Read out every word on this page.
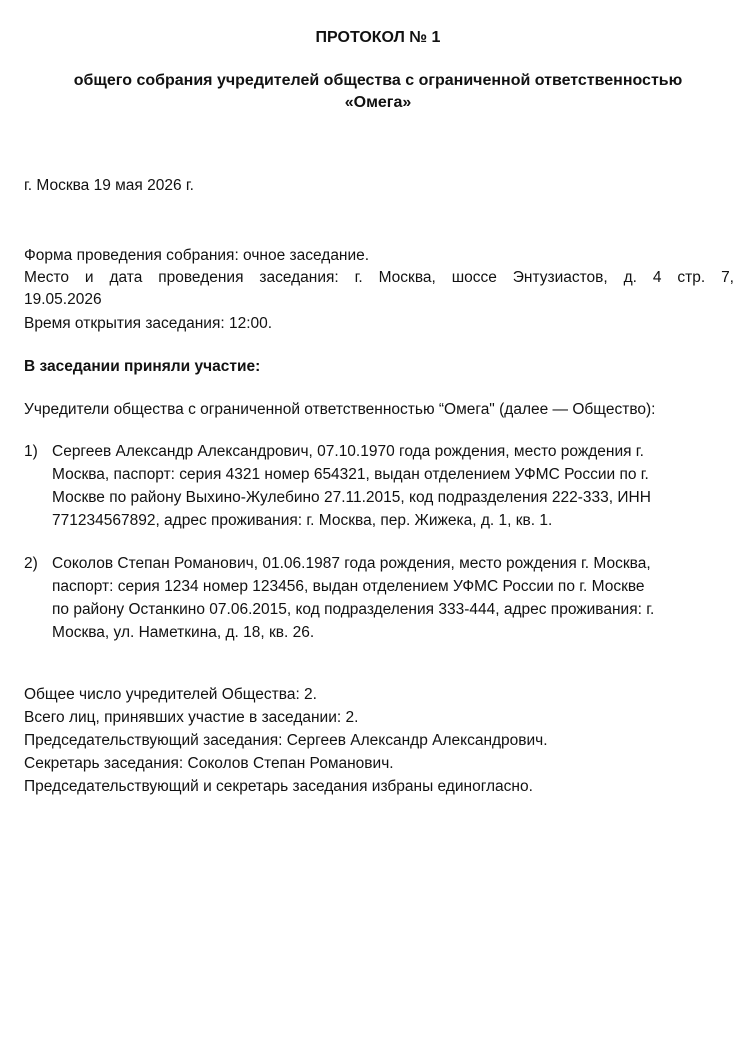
ПРОТОКОЛ № 1

общего собрания учредителей общества с ограниченной ответственностью

«Омега»

г. Москва 19 мая 2026 г.

Форма проведения собрания: очное заседание.

Место и дата проведения заседания: г. Москва, шоссе Энтузиастов, д. 4 стр. 7,

19.05.2026

Время открытия заседания: 12:00.

В заседании приняли участие:

Учредители общества с ограниченной ответственностью “Омега" (далее — Общество):

1) Сергеев Александр Александрович, 07.10.1970 года рождения, место рождения г.
Москва, паспорт: серия 4321 номер 654321, выдан отделением УФМС России по г.
Москве по району Выхино-Жулебино 27.11.2015, код подразделения 222-333, ИНН
771234567892, адрес проживания: г. Москва, пер. Жижека, д. 1, кв. 1.
2) Соколов Степан Романович, 01.06.1987 года рождения, место рождения г. Москва,
паспорт: серия 1234 номер 123456, выдан отделением УФМС России по г. Москве
по району Останкино 07.06.2015, код подразделения 333-444, адрес проживания: г.
Москва, ул. Наметкина, д. 18, кв. 26.

Общее число учредителей Общества: 2.

Всего лиц, принявших участие в заседании: 2.

Председательствующий заседания: Сергеев Александр Александрович.

Секретарь заседания: Соколов Степан Романович.

Председательствующий и секретарь заседания избраны единогласно.
